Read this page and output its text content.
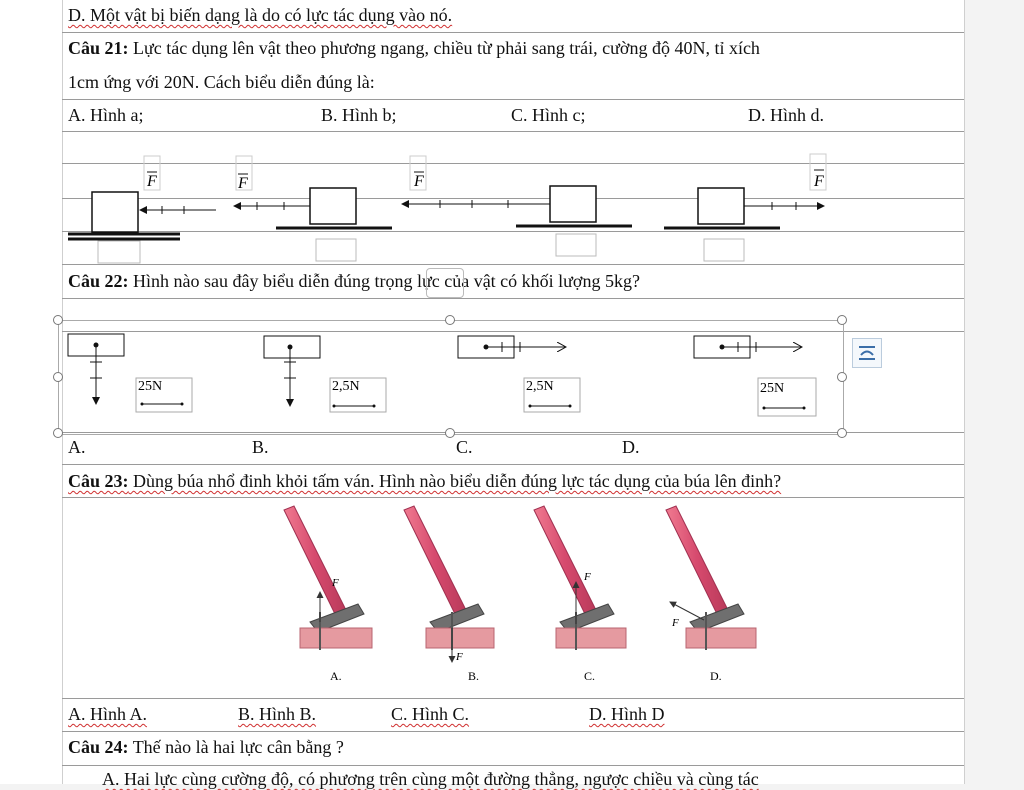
D. Một vật bị biến dạng là do có lực tác dụng vào nó.
Câu 21: Lực tác dụng lên vật theo phương ngang, chiều từ phải sang trái, cường độ 40N, tỉ xích
1cm ứng với 20N. Cách biểu diễn đúng là:
A. Hình a;	B. Hình b;	C. Hình c;	D. Hình d.
F	F	F	F
Câu 22: Hình nào sau đây biểu diễn đúng trọng lực của vật có khối lượng 5kg?
25N	2,5N	2,5N	25N
A.	B.	C.	D.
Câu 23: Dùng búa nhổ đinh khỏi tấm ván. Hình nào biểu diễn đúng lực tác dụng của búa lên đinh?
F
A.
F
B.
F
C.
F
D.
A. Hình A.	B. Hình B.	C. Hình C.	D. Hình D
Câu 24: Thế nào là hai lực cân bằng ?
A. Hai lực cùng cường độ, có phương trên cùng một đường thẳng, ngược chiều và cùng tác
